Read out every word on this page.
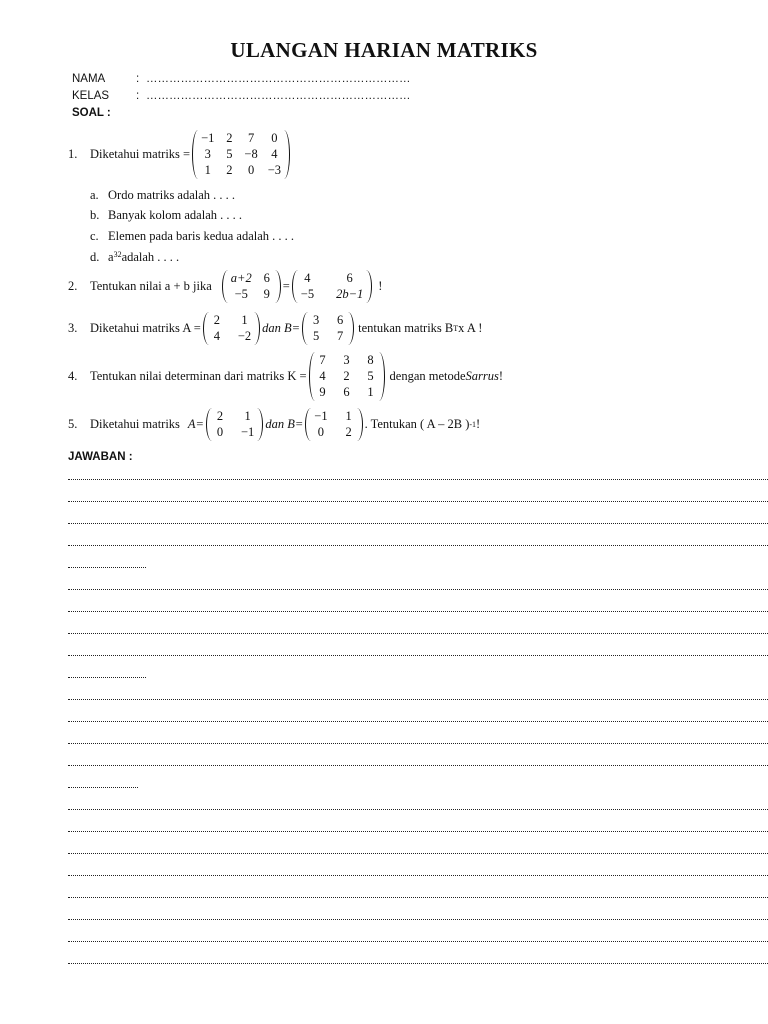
ULANGAN HARIAN MATRIKS
NAMA	: ……………………………………………………………
KELAS	: ……………………………………………………………
SOAL :
1.	Diketahui matriks =
−1 2 7 0
3 5 −8 4
1 2 0 −3
a. Ordo matriks adalah . . . .
b. Banyak kolom adalah . . . .
c. Elemen pada baris kedua adalah . . . .
d. a 32 adalah . . . .
2.	Tentukan nilai a + b jika
a+2 6
−5	9
=
4	6
−5 2b−1
!
3.	Diketahui matriks A =
2 1
4 −2
dan B=
3 6
5 7
tentukan matriks B T x A !
4.	Tentukan nilai determinan dari matriks K =
7 3 8
4 2 5
9 6 1
dengan metode Sarrus !
5.	Diketahui matriks A=
2 1
0 −1
dan B=
−1 1
0 2
. Tentukan ( A – 2B ) -1 !
JAWABAN :
